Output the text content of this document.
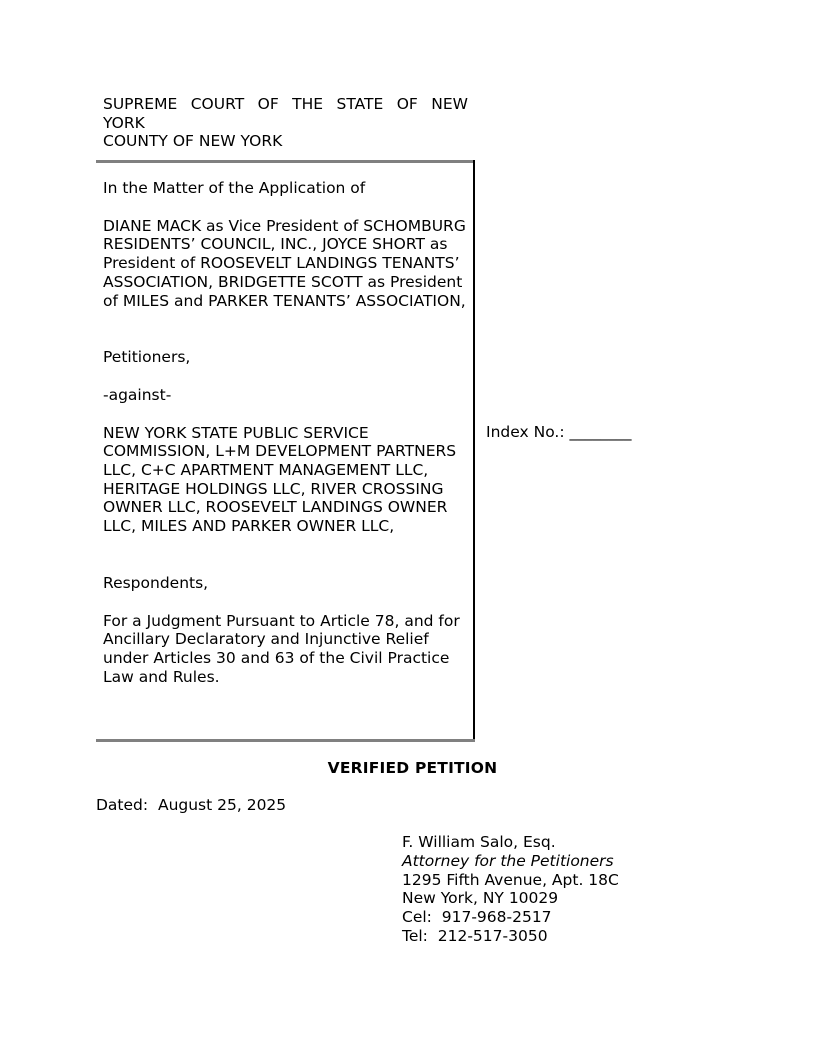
SUPREME COURT OF THE STATE OF NEW
YORK
COUNTY OF NEW YORK

In the Matter of the Application of

DIANE MACK as Vice President of SCHOMBURG RESIDENTS’ COUNCIL, INC., JOYCE SHORT as President of ROOSEVELT LANDINGS TENANTS’ ASSOCIATION, BRIDGETTE SCOTT as President of MILES and PARKER TENANTS’ ASSOCIATION,

Petitioners,

-against-

NEW YORK STATE PUBLIC SERVICE COMMISSION, L+M DEVELOPMENT PARTNERS LLC, C+C APARTMENT MANAGEMENT LLC, HERITAGE HOLDINGS LLC, RIVER CROSSING OWNER LLC, ROOSEVELT LANDINGS OWNER LLC, MILES AND PARKER OWNER LLC,

Respondents,

For a Judgment Pursuant to Article 78, and for Ancillary Declaratory and Injunctive Relief under Articles 30 and 63 of the Civil Practice Law and Rules.

Index No.: ________
VERIFIED PETITION
Dated:  August 25, 2025
F. William Salo, Esq.
Attorney for the Petitioners
1295 Fifth Avenue, Apt. 18C
New York, NY 10029
Cel:  917-968-2517
Tel:  212-517-3050
